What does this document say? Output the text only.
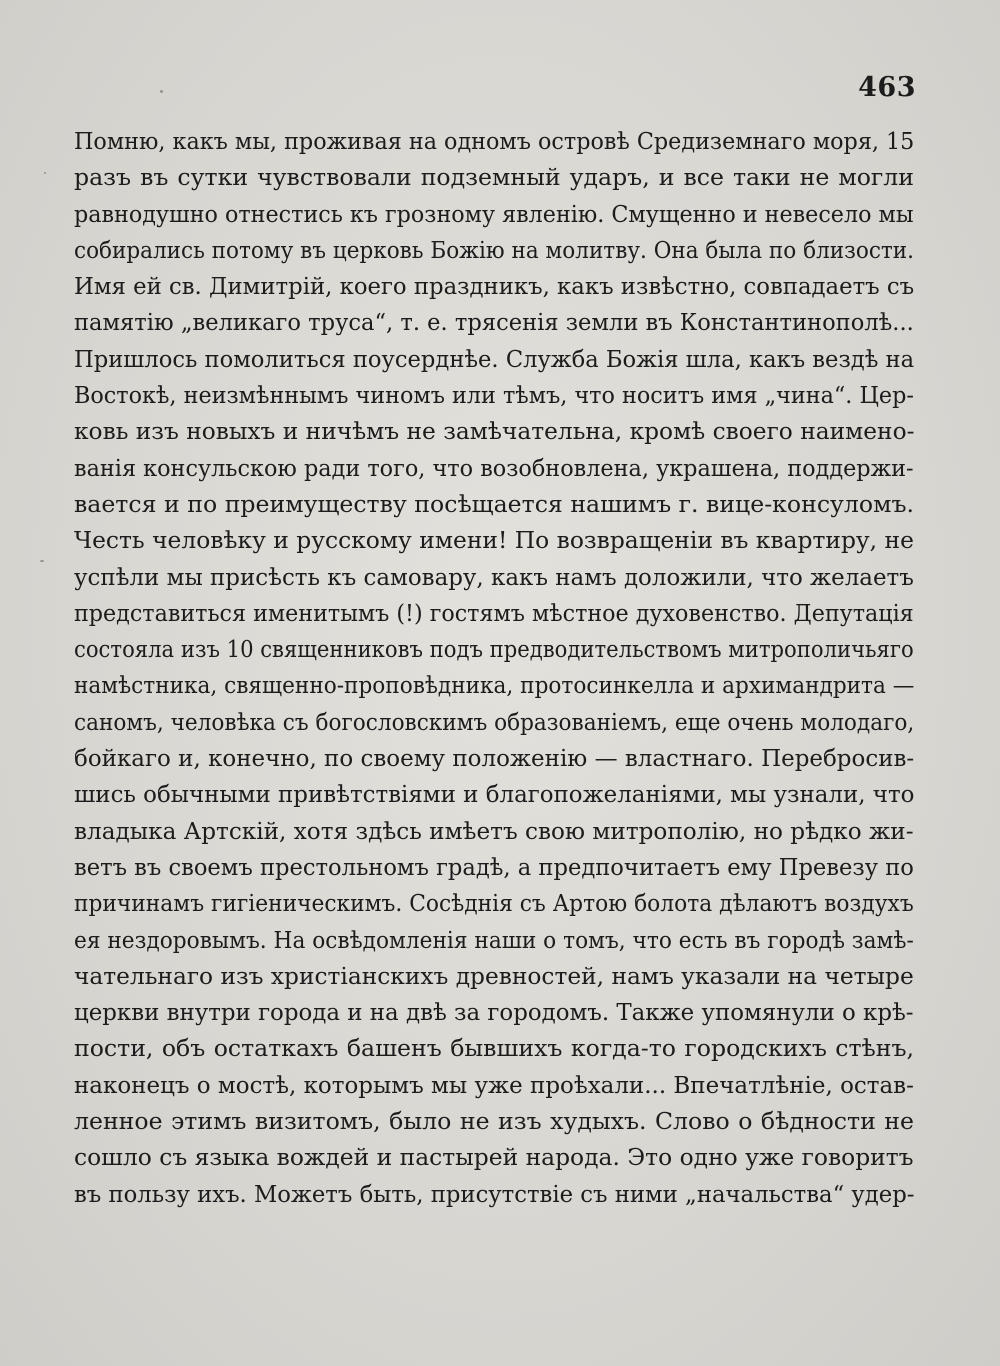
463
Помню, какъ мы, проживая на одномъ островѣ Средиземнаго моря, 15
разъ въ сутки чувствовали подземный ударъ, и все таки не могли
равнодушно отнестись къ грозному явленію. Смущенно и невесело мы
собирались потому въ церковь Божію на молитву. Она была по близости.
Имя ей св. Димитрій, коего праздникъ, какъ извѣстно, совпадаетъ съ
памятію „великаго труса“, т. е. трясенія земли въ Константинополѣ...
Пришлось помолиться поусерднѣе. Служба Божія шла, какъ вездѣ на
Востокѣ, неизмѣннымъ чиномъ или тѣмъ, что носитъ имя „чина“. Цер-
ковь изъ новыхъ и ничѣмъ не замѣчательна, кромѣ своего наимено-
ванія консульскою ради того, что возобновлена, украшена, поддержи-
вается и по преимуществу посѣщается нашимъ г. вице-консуломъ.
Честь человѣку и русскому имени! По возвращеніи въ квартиру, не
успѣли мы присѣсть къ самовару, какъ намъ доложили, что желаетъ
представиться именитымъ (!) гостямъ мѣстное духовенство. Депутація
состояла изъ 10 священниковъ подъ предводительствомъ митрополичьяго
намѣстника, священно-проповѣдника, протосинкелла и архимандрита —
саномъ, человѣка съ богословскимъ образованіемъ, еще очень молодаго,
бойкаго и, конечно, по своему положенію — властнаго. Перебросив-
шись обычными привѣтствіями и благопожеланіями, мы узнали, что
владыка Артскій, хотя здѣсь имѣетъ свою митрополію, но рѣдко жи-
ветъ въ своемъ престольномъ градѣ, а предпочитаетъ ему Превезу по
причинамъ гигіеническимъ. Сосѣднія съ Артою болота дѣлаютъ воздухъ
ея нездоровымъ. На освѣдомленія наши о томъ, что есть въ городѣ замѣ-
чательнаго изъ христіанскихъ древностей, намъ указали на четыре
церкви внутри города и на двѣ за городомъ. Также упомянули о крѣ-
пости, объ остаткахъ башенъ бывшихъ когда-то городскихъ стѣнъ,
наконецъ о мостѣ, которымъ мы уже проѣхали... Впечатлѣніе, остав-
ленное этимъ визитомъ, было не изъ худыхъ. Слово о бѣдности не
сошло съ языка вождей и пастырей народа. Это одно уже говоритъ
въ пользу ихъ. Можетъ быть, присутствіе съ ними „начальства“ удер-
